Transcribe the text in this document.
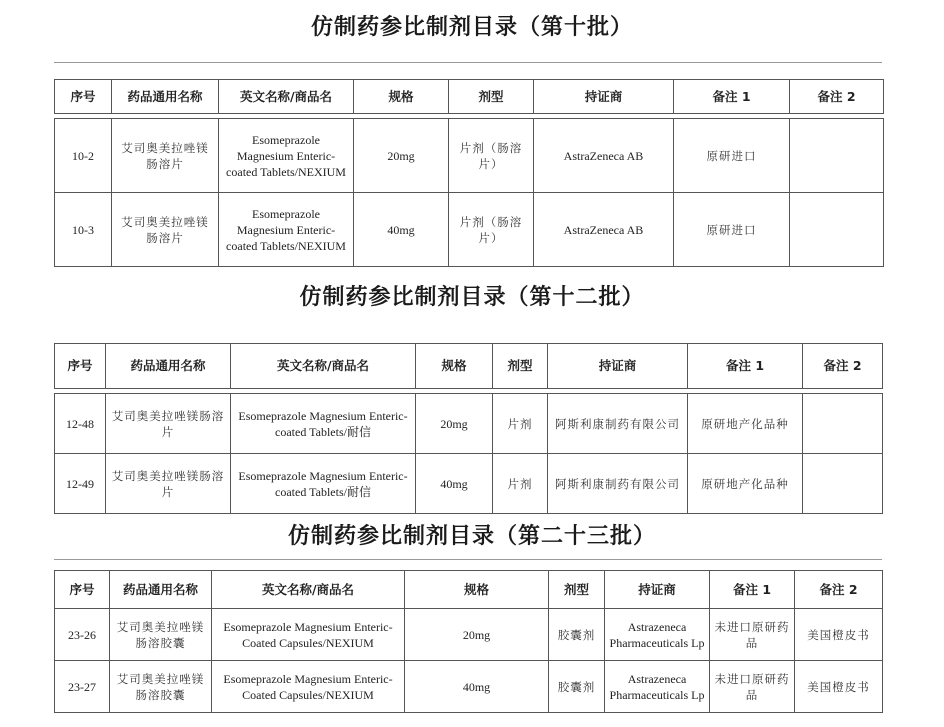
仿制药参比制剂目录（第十批）
序号	药品通用名称	英文名称/商品名	规格	剂型	持证商	备注 1	备注 2

10-2	艾司奥美拉唑镁肠溶片	Esomeprazole Magnesium Enteric-coated Tablets/NEXIUM	20mg	片剂（肠溶片）	AstraZeneca AB	原研进口	
10-3	艾司奥美拉唑镁肠溶片	Esomeprazole Magnesium Enteric-coated Tablets/NEXIUM	40mg	片剂（肠溶片）	AstraZeneca AB	原研进口	
仿制药参比制剂目录（第十二批）
序号	药品通用名称	英文名称/商品名	规格	剂型	持证商	备注 1	备注 2

12-48	艾司奥美拉唑镁肠溶片	Esomeprazole Magnesium Enteric-coated Tablets/耐信	20mg	片剂	阿斯利康制药有限公司	原研地产化品种	
12-49	艾司奥美拉唑镁肠溶片	Esomeprazole Magnesium Enteric-coated Tablets/耐信	40mg	片剂	阿斯利康制药有限公司	原研地产化品种	
仿制药参比制剂目录（第二十三批）
序号	药品通用名称	英文名称/商品名	规格	剂型	持证商	备注 1	备注 2
23-26	艾司奥美拉唑镁肠溶胶囊	Esomeprazole Magnesium Enteric-Coated Capsules/NEXIUM	20mg	胶囊剂	Astrazeneca Pharmaceuticals Lp	未进口原研药品	美国橙皮书
23-27	艾司奥美拉唑镁肠溶胶囊	Esomeprazole Magnesium Enteric-Coated Capsules/NEXIUM	40mg	胶囊剂	Astrazeneca Pharmaceuticals Lp	未进口原研药品	美国橙皮书
